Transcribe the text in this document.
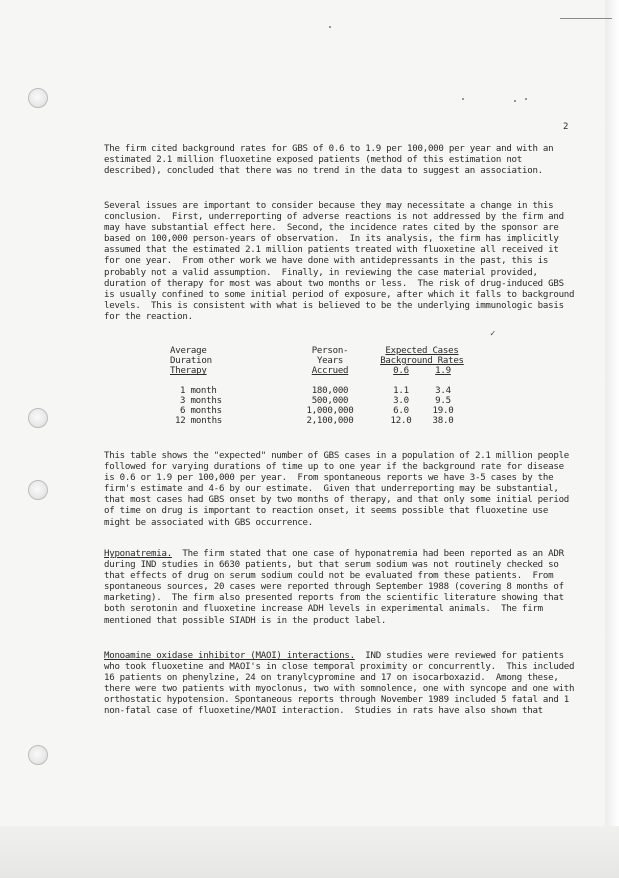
2
The firm cited background rates for GBS of 0.6 to 1.9 per 100,000 per year and with an estimated 2.1 million fluoxetine exposed patients (method of this estimation not described), concluded that there was no trend in the data to suggest an association.
Several issues are important to consider because they may necessitate a change in this conclusion.  First, underreporting of adverse reactions is not addressed by the firm and may have substantial effect here.  Second, the incidence rates cited by the sponsor are based on 100,000 person-years of observation.  In its analysis, the firm has implicitly assumed that the estimated 2.1 million patients treated with fluoxetine all received it for one year.  From other work we have done with antidepressants in the past, this is probably not a valid assumption.  Finally, in reviewing the case material provided, duration of therapy for most was about two months or less.  The risk of drug-induced GBS is usually confined to some initial period of exposure, after which it falls to background levels.  This is consistent with what is believed to be the underlying immunologic basis for the reaction.
✓
Average	Person-	Expected Cases	
Duration	Years	Background Rates	
Therapy	Accrued	0.6	1.9

1 month	180,000	1.1	3.4
3 months	500,000	3.0	9.5
6 months	1,000,000	6.0	19.0
12 months	2,100,000	12.0	38.0
This table shows the "expected" number of GBS cases in a population of 2.1 million people followed for varying durations of time up to one year if the background rate for disease is 0.6 or 1.9 per 100,000 per year.  From spontaneous reports we have 3-5 cases by the firm's estimate and 4-6 by our estimate.  Given that underreporting may be substantial, that most cases had GBS onset by two months of therapy, and that only some initial period of time on drug is important to reaction onset, it seems possible that fluoxetine use might be associated with GBS occurrence.
Hyponatremia.  The firm stated that one case of hyponatremia had been reported as an ADR during IND studies in 6630 patients, but that serum sodium was not routinely checked so that effects of drug on serum sodium could not be evaluated from these patients.  From spontaneous sources, 20 cases were reported through September 1988 (covering 8 months of marketing).  The firm also presented reports from the scientific literature showing that both serotonin and fluoxetine increase ADH levels in experimental animals.  The firm mentioned that possible SIADH is in the product label.
Monoamine oxidase inhibitor (MAOI) interactions.  IND studies were reviewed for patients who took fluoxetine and MAOI's in close temporal proximity or concurrently.  This included 16 patients on phenylzine, 24 on tranylcypromine and 17 on isocarboxazid.  Among these, there were two patients with myoclonus, two with somnolence, one with syncope and one with orthostatic hypotension. Spontaneous reports through November 1989 included 5 fatal and 1 non-fatal case of fluoxetine/MAOI interaction.  Studies in rats have also shown that
